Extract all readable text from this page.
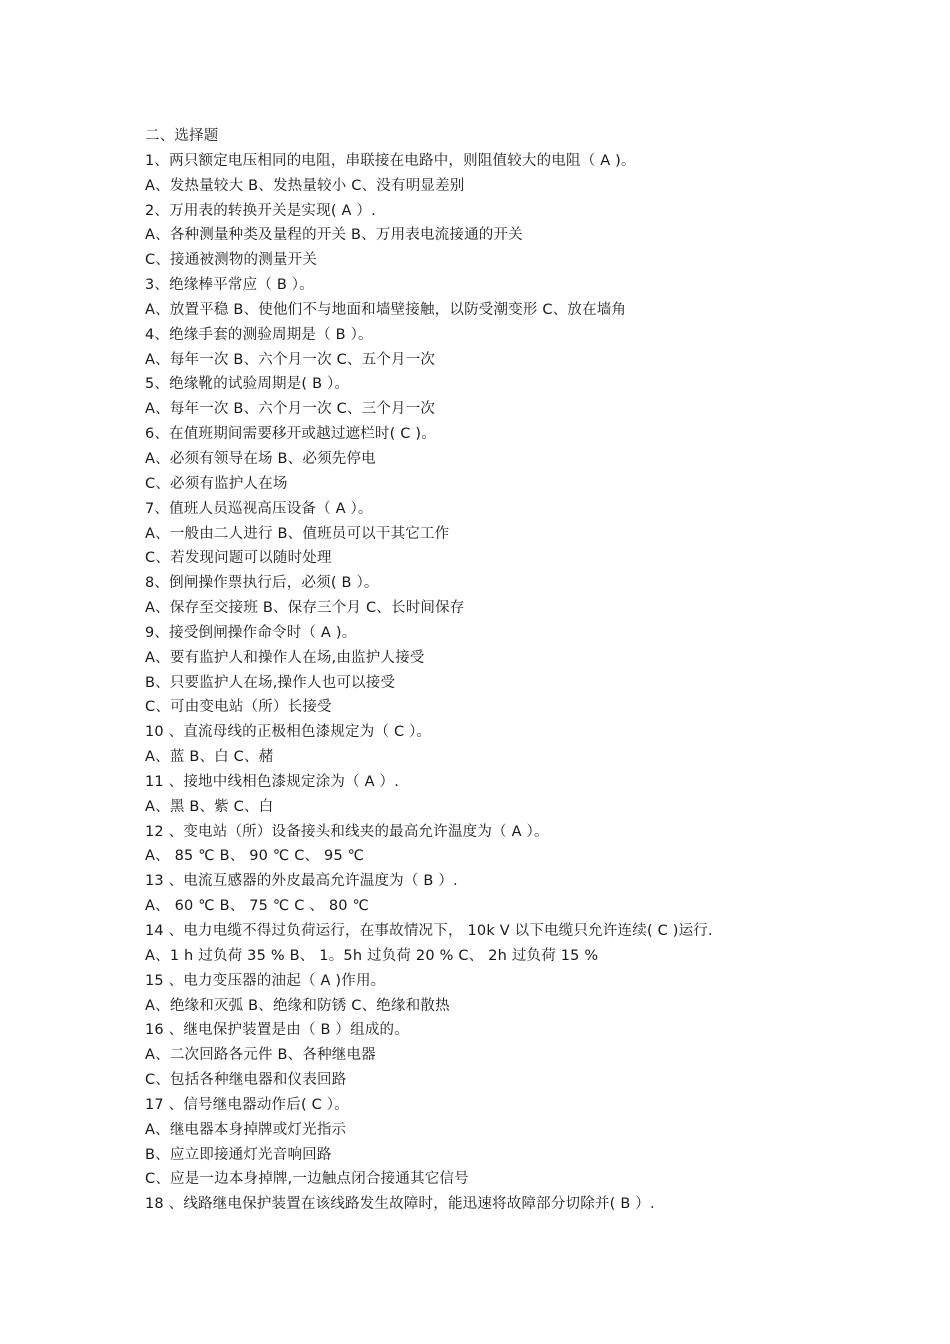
二、选择题
1、两只额定电压相同的电阻，串联接在电路中，则阻值较大的电阻（ A )。
A、发热量较大 B、发热量较小 C、没有明显差别
2、万用表的转换开关是实现( A ）.
A、各种测量种类及量程的开关 B、万用表电流接通的开关
C、接通被测物的测量开关
3、绝缘棒平常应（ B ）。
A、放置平稳 B、使他们不与地面和墙壁接触，以防受潮变形 C、放在墙角
4、绝缘手套的测验周期是（ B ）。
A、每年一次 B、六个月一次 C、五个月一次
5、绝缘靴的试验周期是( B ）。
A、每年一次 B、六个月一次 C、三个月一次
6、在值班期间需要移开或越过遮栏时( C )。
A、必须有领导在场 B、必须先停电
C、必须有监护人在场
7、值班人员巡视高压设备（ A ）。
A、一般由二人进行 B、值班员可以干其它工作
C、若发现问题可以随时处理
8、倒闸操作票执行后，必须( B ）。
A、保存至交接班 B、保存三个月 C、长时间保存
9、接受倒闸操作命令时（ A )。
A、要有监护人和操作人在场,由监护人接受
B、只要监护人在场,操作人也可以接受
C、可由变电站（所）长接受
10 、直流母线的正极相色漆规定为（ C ）。
A、蓝 B、白 C、赭
11 、接地中线相色漆规定涂为（ A ）.
A、黑 B、紫 C、白
12 、变电站（所）设备接头和线夹的最高允许温度为（ A ）。
A、 85 ℃ B、 90 ℃ C、 95 ℃
13 、电流互感器的外皮最高允许温度为（ B ）.
A、 60 ℃ B、 75 ℃ C 、 80 ℃
14 、电力电缆不得过负荷运行，在事故情况下， 10k V 以下电缆只允许连续( C )运行.
A、1 h 过负荷 35 % B、 1。5h 过负荷 20 % C、 2h 过负荷 15 %
15 、电力变压器的油起（ A )作用。
A、绝缘和灭弧 B、绝缘和防锈 C、绝缘和散热
16 、继电保护装置是由（ B ）组成的。
A、二次回路各元件 B、各种继电器
C、包括各种继电器和仪表回路
17 、信号继电器动作后( C ）。
A、继电器本身掉牌或灯光指示
B、应立即接通灯光音响回路
C、应是一边本身掉牌,一边触点闭合接通其它信号
18 、线路继电保护装置在该线路发生故障时，能迅速将故障部分切除并( B ）.
